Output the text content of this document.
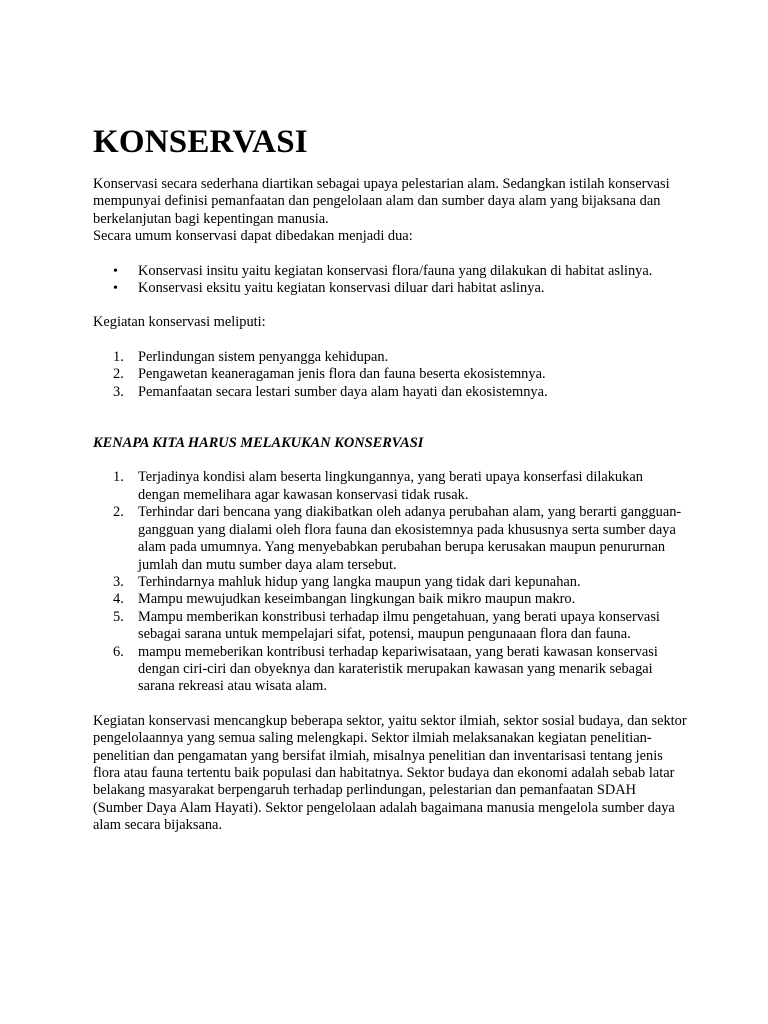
KONSERVASI

Konservasi secara sederhana diartikan sebagai upaya pelestarian alam. Sedangkan istilah konservasi mempunyai definisi pemanfaatan dan pengelolaan alam dan sumber daya alam yang bijaksana dan berkelanjutan bagi kepentingan manusia.

Secara umum konservasi dapat dibedakan menjadi dua:

• Konservasi insitu yaitu kegiatan konservasi flora/fauna yang dilakukan di habitat aslinya.
• Konservasi eksitu yaitu kegiatan konservasi diluar dari habitat aslinya.

Kegiatan konservasi meliputi:

1. Perlindungan sistem penyangga kehidupan.
2. Pengawetan keaneragaman jenis flora dan fauna beserta ekosistemnya.
3. Pemanfaatan secara lestari sumber daya alam hayati dan ekosistemnya.
KENAPA KITA HARUS MELAKUKAN KONSERVASI
1. Terjadinya kondisi alam beserta lingkungannya, yang berati upaya konserfasi dilakukan dengan memelihara agar kawasan konservasi tidak rusak.
2. Terhindar dari bencana yang diakibatkan oleh adanya perubahan alam, yang berarti gangguan-gangguan yang dialami oleh flora fauna dan ekosistemnya pada khususnya serta sumber daya alam pada umumnya. Yang menyebabkan perubahan berupa kerusakan maupun penururnan jumlah dan mutu sumber daya alam tersebut.
3. Terhindarnya mahluk hidup yang langka maupun yang tidak dari kepunahan.
4. Mampu mewujudkan keseimbangan lingkungan baik mikro maupun makro.
5. Mampu memberikan konstribusi terhadap ilmu pengetahuan, yang berati upaya konservasi sebagai sarana untuk mempelajari sifat, potensi, maupun pengunaaan flora dan fauna.
6. mampu memeberikan kontribusi terhadap kepariwisataan, yang berati kawasan konservasi dengan ciri-ciri dan obyeknya dan karateristik merupakan kawasan yang menarik sebagai sarana rekreasi atau wisata alam.

Kegiatan konservasi mencangkup beberapa sektor, yaitu sektor ilmiah, sektor sosial budaya, dan sektor pengelolaannya yang semua saling melengkapi. Sektor ilmiah melaksanakan kegiatan penelitian-penelitian dan pengamatan yang bersifat ilmiah, misalnya penelitian dan inventarisasi tentang jenis flora atau fauna tertentu baik populasi dan habitatnya. Sektor budaya dan ekonomi adalah sebab latar belakang masyarakat berpengaruh terhadap perlindungan, pelestarian dan pemanfaatan SDAH (Sumber Daya Alam Hayati). Sektor pengelolaan adalah bagaimana manusia mengelola sumber daya alam secara bijaksana.
